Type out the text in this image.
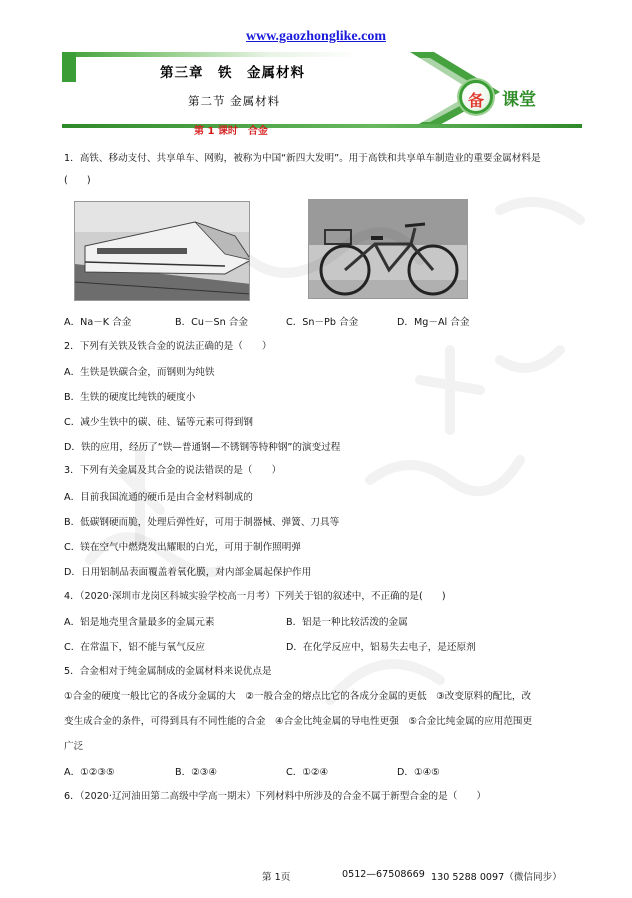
www.gaozhonglike.com
第三章　铁　金属材料
第二节 金属材料
第 1 课时　合金
备	课堂
1．高铁、移动支付、共享单车、网购，被称为中国“新四大发明”。用于高铁和共享单车制造业的重要金属材料是
(　　)
A．Na－K 合金	B．Cu－Sn 合金	C．Sn－Pb 合金	D．Mg－Al 合金
2．下列有关铁及铁合金的说法正确的是（　　）
A．生铁是铁碳合金，而钢则为纯铁
B．生铁的硬度比纯铁的硬度小
C．减少生铁中的碳、硅、锰等元素可得到钢
D．铁的应用，经历了“铁—普通钢—不锈钢等特种钢”的演变过程
3．下列有关金属及其合金的说法错误的是（　　）
A．目前我国流通的硬币是由合金材料制成的
B．低碳钢硬而脆，处理后弹性好，可用于制器械、弹簧、刀具等
C．镁在空气中燃烧发出耀眼的白光，可用于制作照明弹
D．日用铝制品表面覆盖着氧化膜，对内部金属起保护作用
4．（2020·深圳市龙岗区科城实验学校高一月考）下列关于铝的叙述中，不正确的是(　　)
A．铝是地壳里含量最多的金属元素	B．铝是一种比较活泼的金属
C．在常温下，铝不能与氧气反应	D．在化学反应中，铝易失去电子，是还原剂
5．合金相对于纯金属制成的金属材料来说优点是
①合金的硬度一般比它的各成分金属的大　②一般合金的熔点比它的各成分金属的更低　③改变原料的配比，改
变生成合金的条件，可得到具有不同性能的合金　④合金比纯金属的导电性更强　⑤合金比纯金属的应用范围更
广泛
A．①②③⑤	B．②③④	C．①②④	D．①④⑤
6．（2020·辽河油田第二高级中学高一期末）下列材料中所涉及的合金不属于新型合金的是（　　）
第 1页	0512—67508669 130 5288 0097（微信同步）
